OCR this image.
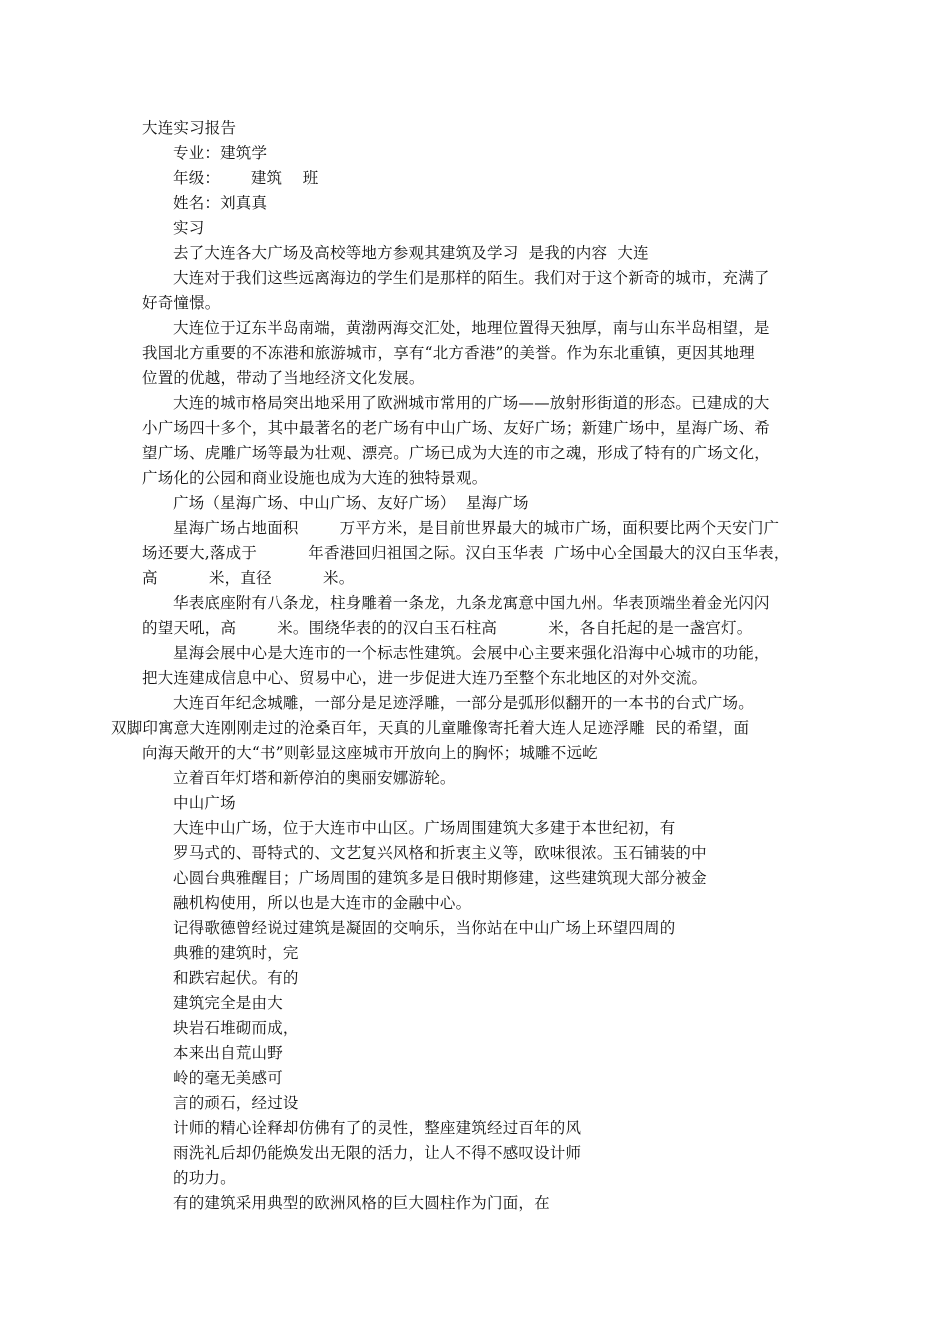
大连实习报告
专业：建筑学
年级：      建筑    班
姓名：刘真真
实习
去了大连各大广场及高校等地方参观其建筑及学习  是我的内容  大连
大连对于我们这些远离海边的学生们是那样的陌生。我们对于这个新奇的城市，充满了
好奇憧憬。
大连位于辽东半岛南端，黄渤两海交汇处，地理位置得天独厚，南与山东半岛相望，是
我国北方重要的不冻港和旅游城市，享有“北方香港”的美誉。作为东北重镇，更因其地理
位置的优越，带动了当地经济文化发展。
大连的城市格局突出地采用了欧洲城市常用的广场——放射形街道的形态。已建成的大
小广场四十多个，其中最著名的老广场有中山广场、友好广场；新建广场中，星海广场、希
望广场、虎雕广场等最为壮观、漂亮。广场已成为大连的市之魂，形成了特有的广场文化，
广场化的公园和商业设施也成为大连的独特景观。
广场（星海广场、中山广场、友好广场）  星海广场
星海广场占地面积        万平方米，是目前世界最大的城市广场，面积要比两个天安门广
场还要大,落成于          年香港回归祖国之际。汉白玉华表  广场中心全国最大的汉白玉华表，
高          米，直径          米。
华表底座附有八条龙，柱身雕着一条龙，九条龙寓意中国九州。华表顶端坐着金光闪闪
的望天吼，高        米。围绕华表的的汉白玉石柱高          米，各自托起的是一盏宫灯。
星海会展中心是大连市的一个标志性建筑。会展中心主要来强化沿海中心城市的功能，
把大连建成信息中心、贸易中心，进一步促进大连乃至整个东北地区的对外交流。
大连百年纪念城雕，一部分是足迹浮雕，一部分是弧形似翻开的一本书的台式广场。
双脚印寓意大连刚刚走过的沧桑百年，天真的儿童雕像寄托着大连人足迹浮雕  民的希望，面
向海天敞开的大“书”则彰显这座城市开放向上的胸怀；城雕不远屹
立着百年灯塔和新停泊的奥丽安娜游轮。
中山广场
大连中山广场，位于大连市中山区。广场周围建筑大多建于本世纪初，有
罗马式的、哥特式的、文艺复兴风格和折衷主义等，欧味很浓。玉石铺装的中
心圆台典雅醒目；广场周围的建筑多是日俄时期修建，这些建筑现大部分被金
融机构使用，所以也是大连市的金融中心。
记得歌德曾经说过建筑是凝固的交响乐，当你站在中山广场上环望四周的
典雅的建筑时，完
和跌宕起伏。有的
建筑完全是由大
块岩石堆砌而成，
本来出自荒山野
岭的毫无美感可
言的顽石，经过设
计师的精心诠释却仿佛有了的灵性，整座建筑经过百年的风
雨洗礼后却仍能焕发出无限的活力，让人不得不感叹设计师
的功力。
有的建筑采用典型的欧洲风格的巨大圆柱作为门面，在
